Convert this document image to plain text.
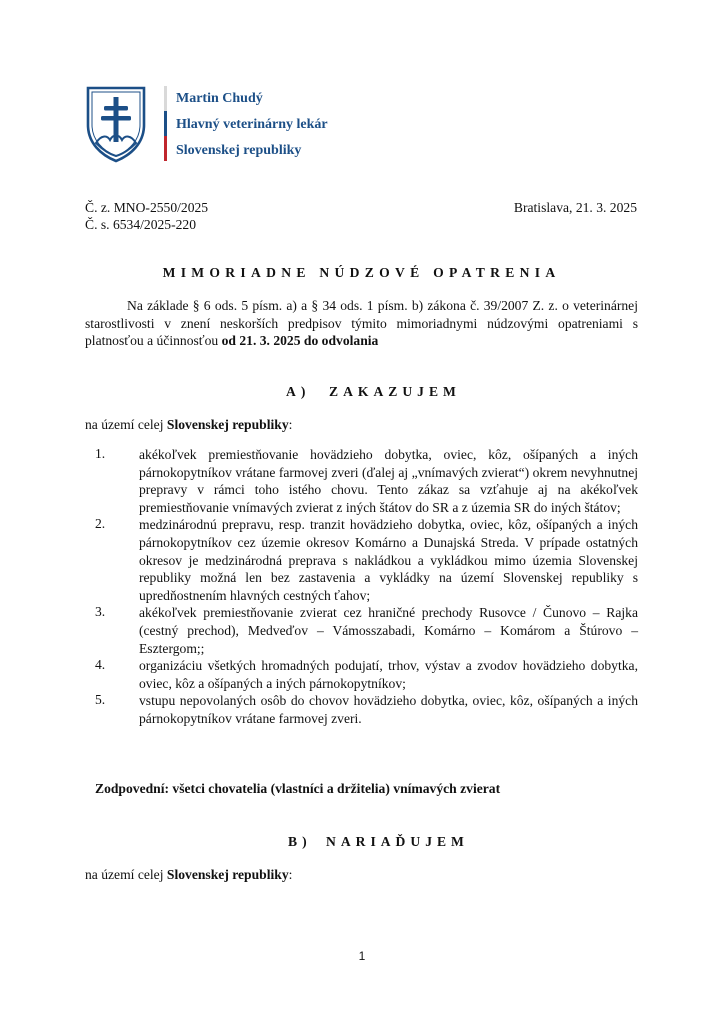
Martin Chudý
Hlavný veterinárny lekár
Slovenskej republiky
Č. z. MNO-2550/2025
Č. s. 6534/2025-220
Bratislava, 21. 3. 2025
MIMORIADNE NÚDZOVÉ OPATRENIA
Na základe § 6 ods. 5 písm. a) a § 34 ods. 1 písm. b) zákona č. 39/2007 Z. z. o veterinárnej starostlivosti v znení neskorších predpisov týmito mimoriadnymi núdzovými opatreniami s platnosťou a účinnosťou od 21. 3. 2025 do odvolania
A) ZAKAZUJEM
na území celej Slovenskej republiky:
1.	akékoľvek premiestňovanie hovädzieho dobytka, oviec, kôz, ošípaných a iných párnokopytníkov vrátane farmovej zveri (ďalej aj „vnímavých zvierat“) okrem nevyhnutnej prepravy v rámci toho istého chovu. Tento zákaz sa vzťahuje aj na akékoľvek premiestňovanie vnímavých zvierat z iných štátov do SR a z územia SR do iných štátov;
2.	medzinárodnú prepravu, resp. tranzit hovädzieho dobytka, oviec, kôz, ošípaných a iných párnokopytníkov cez územie okresov Komárno a Dunajská Streda. V prípade ostatných okresov je medzinárodná preprava s nakládkou a vykládkou mimo územia Slovenskej republiky možná len bez zastavenia a vykládky na území Slovenskej republiky s upredňostnením hlavných cestných ťahov;
3.	akékoľvek premiestňovanie zvierat cez hraničné prechody Rusovce / Čunovo – Rajka (cestný prechod), Medveďov – Vámosszabadi, Komárno – Komárom a Štúrovo – Esztergom;;
4.	organizáciu všetkých hromadných podujatí, trhov, výstav a zvodov hovädzieho dobytka, oviec, kôz a ošípaných a iných párnokopytníkov;
5.	vstupu nepovolaných osôb do chovov hovädzieho dobytka, oviec, kôz, ošípaných a iných párnokopytníkov vrátane farmovej zveri.
Zodpovední: všetci chovatelia (vlastníci a držitelia) vnímavých zvierat
B) NARIAĎUJEM
na území celej Slovenskej republiky:
1
